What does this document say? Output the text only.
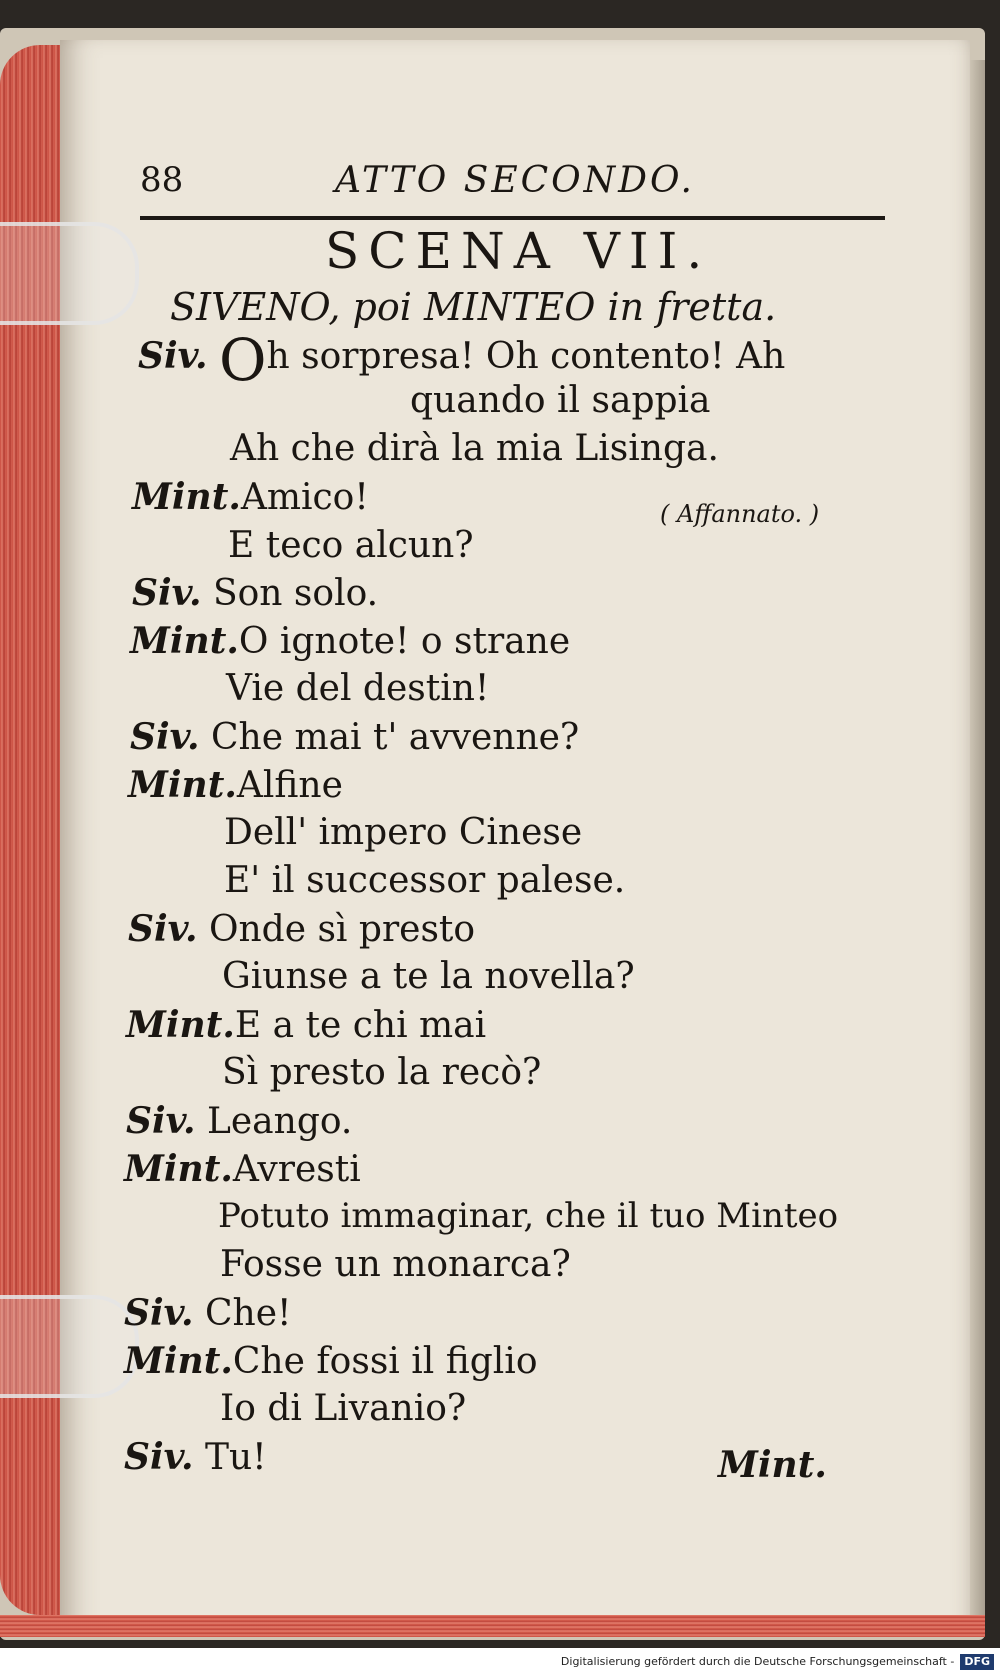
88	ATTO SECONDO.
SCENA VII.
SIVENO, poi MINTEO in fretta.
Siv. Oh sorpresa! Oh contento! Ah
quando il sappia
Ah che dirà la mia Lisinga.
Mint.Amico!	( Affannato. )
E teco alcun?
Siv. Son solo.
Mint.O ignote! o strane
Vie del destin!
Siv. Che mai t' avvenne?
Mint.Alfine
Dell' impero Cinese
E' il successor palese.
Siv. Onde sì presto
Giunse a te la novella?
Mint.E a te chi mai
Sì presto la recò?
Siv. Leango.
Mint.Avresti
Potuto immaginar, che il tuo Minteo
Fosse un monarca?
Siv. Che!
Mint.Che fossi il figlio
Io di Livanio?
Siv. Tu!	Mint.
Digitalisierung gefördert durch die Deutsche Forschungsgemeinschaft - DFG
